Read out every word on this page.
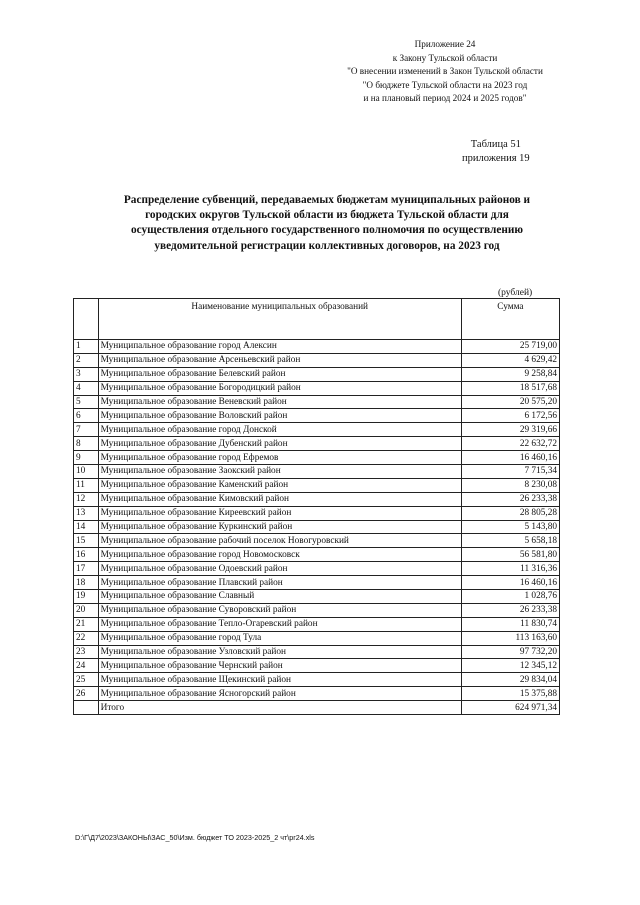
Приложение 24
к Закону Тульской области
"О внесении изменений в Закон Тульской области
"О бюджете Тульской области на 2023 год
и на плановый период 2024 и 2025 годов"
Таблица 51
приложения 19
Распределение субвенций, передаваемых бюджетам муниципальных районов и
городских округов Тульской области из бюджета Тульской области для
осуществления отдельного государственного полномочия по осуществлению
уведомительной регистрации коллективных договоров, на 2023 год
(рублей)
	Наименование муниципальных образований	Сумма
1	Муниципальное образование город Алексин	25 719,00
2	Муниципальное образование Арсеньевский район	4 629,42
3	Муниципальное образование Белевский район	9 258,84
4	Муниципальное образование Богородицкий район	18 517,68
5	Муниципальное образование Веневский район	20 575,20
6	Муниципальное образование Воловский район	6 172,56
7	Муниципальное образование город Донской	29 319,66
8	Муниципальное образование Дубенский район	22 632,72
9	Муниципальное образование город Ефремов	16 460,16
10	Муниципальное образование Заокский район	7 715,34
11	Муниципальное образование Каменский район	8 230,08
12	Муниципальное образование Кимовский район	26 233,38
13	Муниципальное образование Киреевский район	28 805,28
14	Муниципальное образование Куркинский район	5 143,80
15	Муниципальное образование рабочий поселок Новогуровский	5 658,18
16	Муниципальное образование город Новомосковск	56 581,80
17	Муниципальное образование Одоевский район	11 316,36
18	Муниципальное образование Плавский район	16 460,16
19	Муниципальное образование Славный	1 028,76
20	Муниципальное образование Суворовский район	26 233,38
21	Муниципальное образование Тепло-Огаревский район	11 830,74
22	Муниципальное образование город Тула	113 163,60
23	Муниципальное образование Узловский район	97 732,20
24	Муниципальное образование Чернский район	12 345,12
25	Муниципальное образование Щекинский район	29 834,04
26	Муниципальное образование Ясногорский район	15 375,88
	Итого	624 971,34
D:\Г\Д7\2023\ЗАКОНЫ\ЗАС_50\Изм. бюджет ТО 2023-2025_2 чт\pr24.xls
